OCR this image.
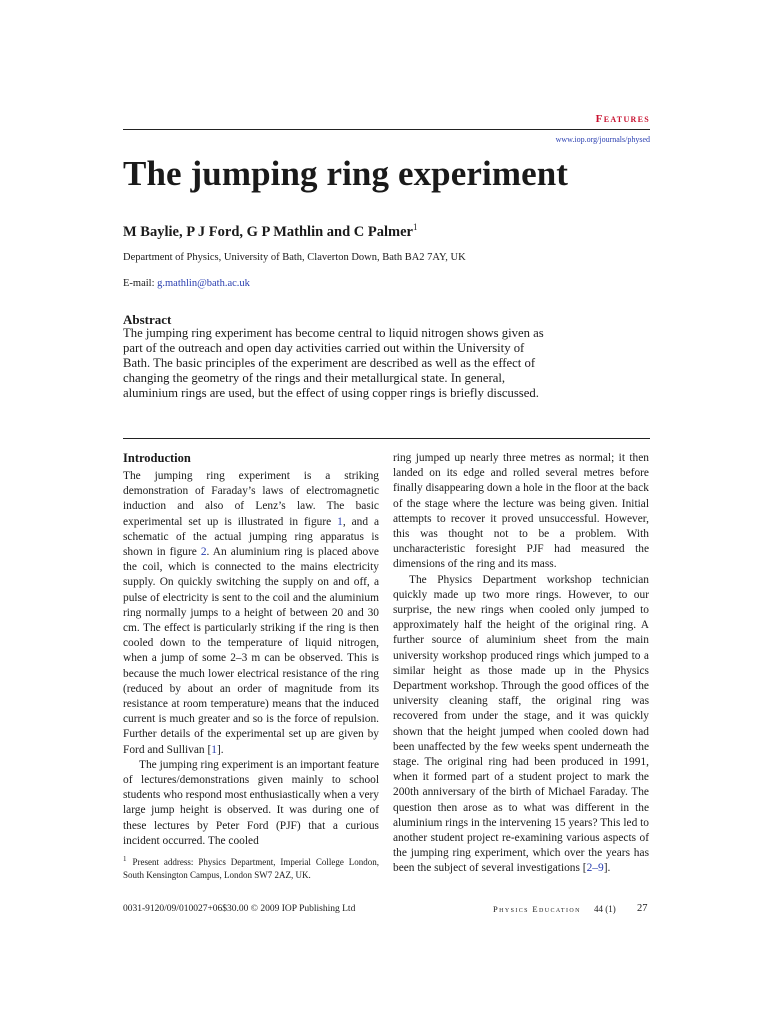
Features
www.iop.org/journals/physed
The jumping ring experiment
M Baylie, P J Ford, G P Mathlin and C Palmer$^1$
Department of Physics, University of Bath, Claverton Down, Bath BA2 7AY, UK
E-mail: g.mathlin@bath.ac.uk
Abstract
The jumping ring experiment has become central to liquid nitrogen shows given as part of the outreach and open day activities carried out within the University of Bath. The basic principles of the experiment are described as well as the effect of changing the geometry of the rings and their metallurgical state. In general, aluminium rings are used, but the effect of using copper rings is briefly discussed.
Introduction

The jumping ring experiment is a striking demonstration of Faraday’s laws of electromagnetic induction and also of Lenz’s law. The basic experimental set up is illustrated in figure 1, and a schematic of the actual jumping ring apparatus is shown in figure 2. An aluminium ring is placed above the coil, which is connected to the mains electricity supply. On quickly switching the supply on and off, a pulse of electricity is sent to the coil and the aluminium ring normally jumps to a height of between 20 and 30 cm. The effect is particularly striking if the ring is then cooled down to the temperature of liquid nitrogen, when a jump of some 2–3 m can be observed. This is because the much lower electrical resistance of the ring (reduced by about an order of magnitude from its resistance at room temperature) means that the induced current is much greater and so is the force of repulsion. Further details of the experimental set up are given by Ford and Sullivan [1].

The jumping ring experiment is an important feature of lectures/demonstrations given mainly to school students who respond most enthusiastically when a very large jump height is observed. It was during one of these lectures by Peter Ford (PJF) that a curious incident occurred. The cooled

ring jumped up nearly three metres as normal; it then landed on its edge and rolled several metres before finally disappearing down a hole in the floor at the back of the stage where the lecture was being given. Initial attempts to recover it proved unsuccessful. However, this was thought not to be a problem. With uncharacteristic foresight PJF had measured the dimensions of the ring and its mass.

The Physics Department workshop technician quickly made up two more rings. However, to our surprise, the new rings when cooled only jumped to approximately half the height of the original ring. A further source of aluminium sheet from the main university workshop produced rings which jumped to a similar height as those made up in the Physics Department workshop. Through the good offices of the university cleaning staff, the original ring was recovered from under the stage, and it was quickly shown that the height jumped when cooled down had been unaffected by the few weeks spent underneath the stage. The original ring had been produced in 1991, when it formed part of a student project to mark the 200th anniversary of the birth of Michael Faraday. The question then arose as to what was different in the aluminium rings in the intervening 15 years? This led to another student project re-examining various aspects of the jumping ring experiment, which over the years has been the subject of several investigations [2–9].

$^1$ Present address: Physics Department, Imperial College London, South Kensington Campus, London SW7 2AZ, UK.
0031-9120/09/010027+06$30.00 © 2009 IOP Publishing Ltd	Physics Education 44 (1) 27
